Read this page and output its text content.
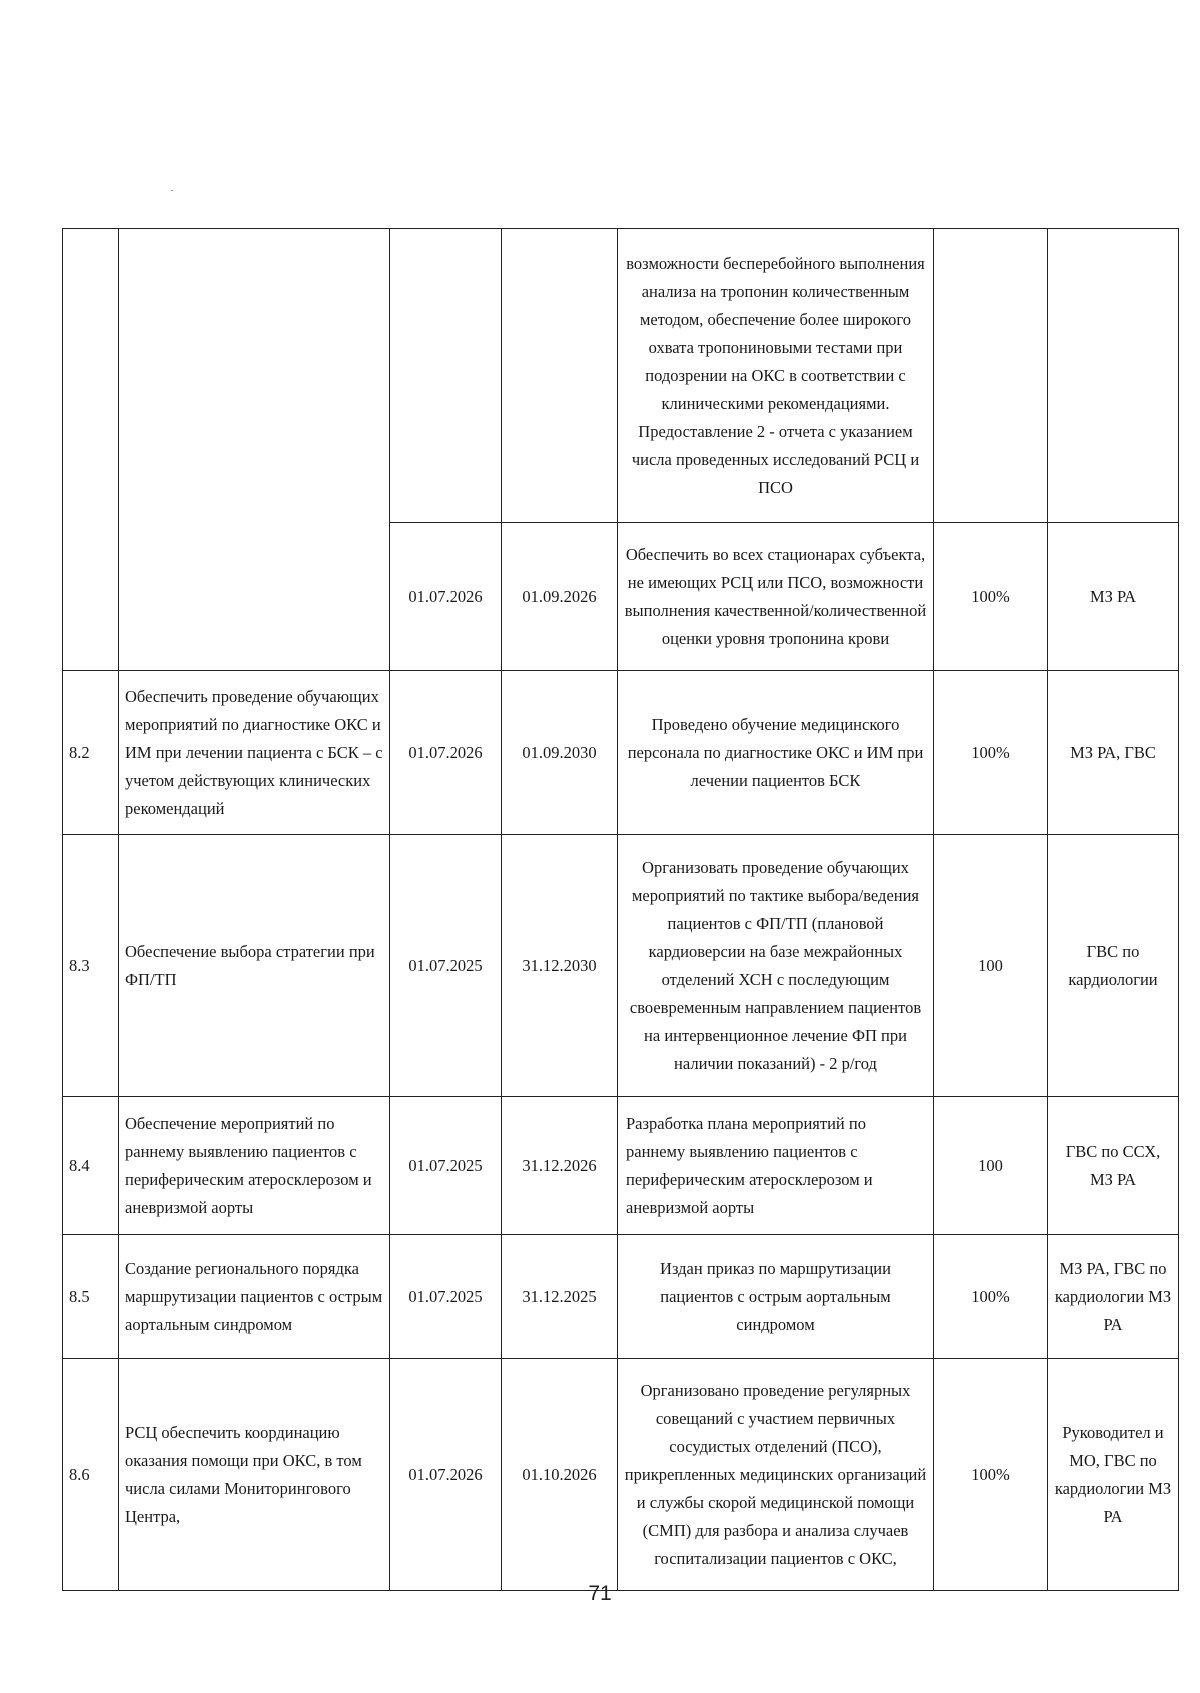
				возможности бесперебойного выполнения анализа на тропонин количественным методом, обеспечение более широкого охвата тропониновыми тестами при подозрении на ОКС в соответствии с клиническими рекомендациями. Предоставление 2 - отчета с указанием числа проведенных исследований РСЦ и ПСО		
		01.07.2026	01.09.2026	Обеспечить во всех стационарах субъекта, не имеющих РСЦ или ПСО, возможности выполнения качественной/количественной оценки уровня тропонина крови	100%	МЗ РА
8.2	Обеспечить проведение обучающих мероприятий по диагностике ОКС и ИМ при лечении пациента с БСК – с учетом действующих клинических рекомендаций	01.07.2026	01.09.2030	Проведено обучение медицинского персонала по диагностике ОКС и ИМ при лечении пациентов БСК	100%	МЗ РА, ГВС
8.3	Обеспечение выбора стратегии при ФП/ТП	01.07.2025	31.12.2030	Организовать проведение обучающих мероприятий по тактике выбора/ведения пациентов с ФП/ТП (плановой кардиоверсии на базе межрайонных отделений ХСН с последующим своевременным направлением пациентов на интервенционное лечение ФП при наличии показаний) - 2 р/год	100	ГВС по кардиологии
8.4	Обеспечение мероприятий по раннему выявлению пациентов с периферическим атеросклерозом и аневризмой аорты	01.07.2025	31.12.2026	Разработка плана мероприятий по раннему выявлению пациентов с периферическим атеросклерозом и аневризмой аорты	100	ГВС по ССХ, МЗ РА
8.5	Создание регионального порядка маршрутизации пациентов с острым аортальным синдромом	01.07.2025	31.12.2025	Издан приказ по маршрутизации пациентов с острым аортальным синдромом	100%	МЗ РА, ГВС по кардиологии МЗ РА
8.6	РСЦ обеспечить координацию оказания помощи при ОКС, в том числа силами Мониторингового Центра,	01.07.2026	01.10.2026	Организовано проведение регулярных совещаний с участием первичных сосудистых отделений (ПСО), прикрепленных медицинских организаций и службы скорой медицинской помощи (СМП) для разбора и анализа случаев госпитализации пациентов с ОКС,	100%	Руководител и МО, ГВС по кардиологии МЗ РА
71
